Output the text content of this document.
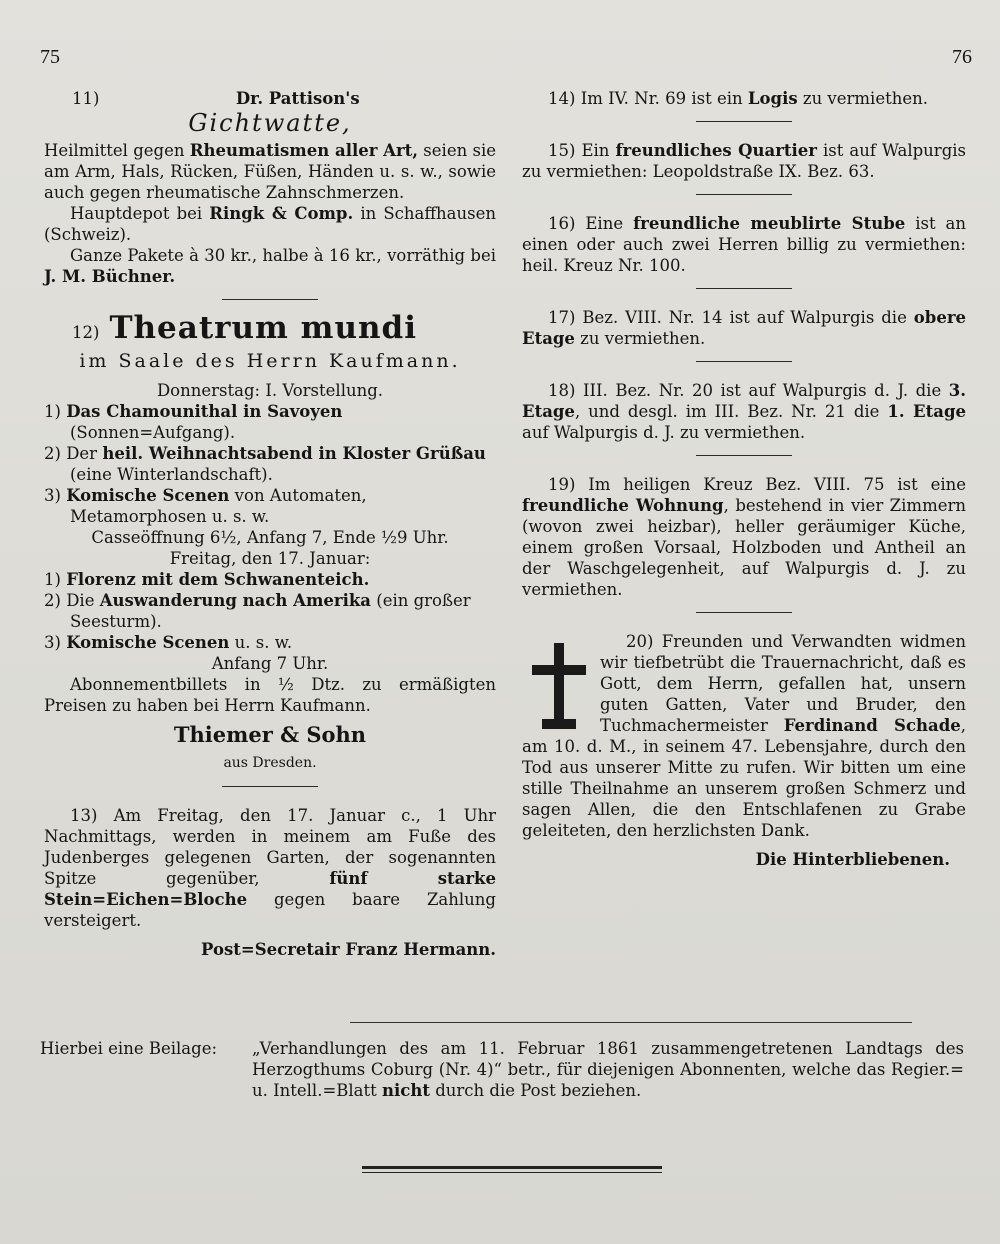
75	76

11)	Dr. Pattison's

Gichtwatte,

Heilmittel gegen Rheumatismen aller Art, seien sie am Arm, Hals, Rücken, Füßen, Händen u. s. w., sowie auch gegen rheumatische Zahnschmerzen.

Hauptdepot bei Ringk & Comp. in Schaffhausen (Schweiz).

Ganze Pakete à 30 kr., halbe à 16 kr., vorräthig bei J. M. Büchner.

12) Theatrum mundi

im Saale des Herrn Kaufmann.

Donnerstag: I. Vorstellung.

1) Das Chamounithal in Savoyen (Sonnen=Aufgang).

2) Der heil. Weihnachtsabend in Kloster Grüßau (eine Winterlandschaft).

3) Komische Scenen von Automaten, Metamorphosen u. s. w.

Casseöffnung 6½, Anfang 7, Ende ½9 Uhr.

Freitag, den 17. Januar:

1) Florenz mit dem Schwanenteich.

2) Die Auswanderung nach Amerika (ein großer Seesturm).

3) Komische Scenen u. s. w.

Anfang 7 Uhr.

Abonnementbillets in ½ Dtz. zu ermäßigten Preisen zu haben bei Herrn Kaufmann.

Thiemer & Sohn

aus Dresden.

13) Am Freitag, den 17. Januar c., 1 Uhr Nachmittags, werden in meinem am Fuße des Judenberges gelegenen Garten, der sogenannten Spitze gegenüber, fünf starke Stein=Eichen=Bloche gegen baare Zahlung versteigert.

Post=Secretair Franz Hermann.

14) Im IV. Nr. 69 ist ein Logis zu vermiethen.

15) Ein freundliches Quartier ist auf Walpurgis zu vermiethen: Leopoldstraße IX. Bez. 63.

16) Eine freundliche meublirte Stube ist an einen oder auch zwei Herren billig zu vermiethen: heil. Kreuz Nr. 100.

17) Bez. VIII. Nr. 14 ist auf Walpurgis die obere Etage zu vermiethen.

18) III. Bez. Nr. 20 ist auf Walpurgis d. J. die 3. Etage, und desgl. im III. Bez. Nr. 21 die 1. Etage auf Walpurgis d. J. zu vermiethen.

19) Im heiligen Kreuz Bez. VIII. 75 ist eine freundliche Wohnung, bestehend in vier Zimmern (wovon zwei heizbar), heller geräumiger Küche, einem großen Vorsaal, Holzboden und Antheil an der Waschgelegenheit, auf Walpurgis d. J. zu vermiethen.

20) Freunden und Verwandten widmen wir tiefbetrübt die Trauernachricht, daß es Gott, dem Herrn, gefallen hat, unsern guten Gatten, Vater und Bruder, den Tuchmachermeister Ferdinand Schade, am 10. d. M., in seinem 47. Lebensjahre, durch den Tod aus unserer Mitte zu rufen. Wir bitten um eine stille Theilnahme an unserem großen Schmerz und sagen Allen, die den Entschlafenen zu Grabe geleiteten, den herzlichsten Dank.

Die Hinterbliebenen.

Hierbei eine Beilage: „Verhandlungen des am 11. Februar 1861 zusammengetretenen Landtags des Herzogthums Coburg (Nr. 4)“ betr., für diejenigen Abonnenten, welche das Regier.= u. Intell.=Blatt nicht durch die Post beziehen.
